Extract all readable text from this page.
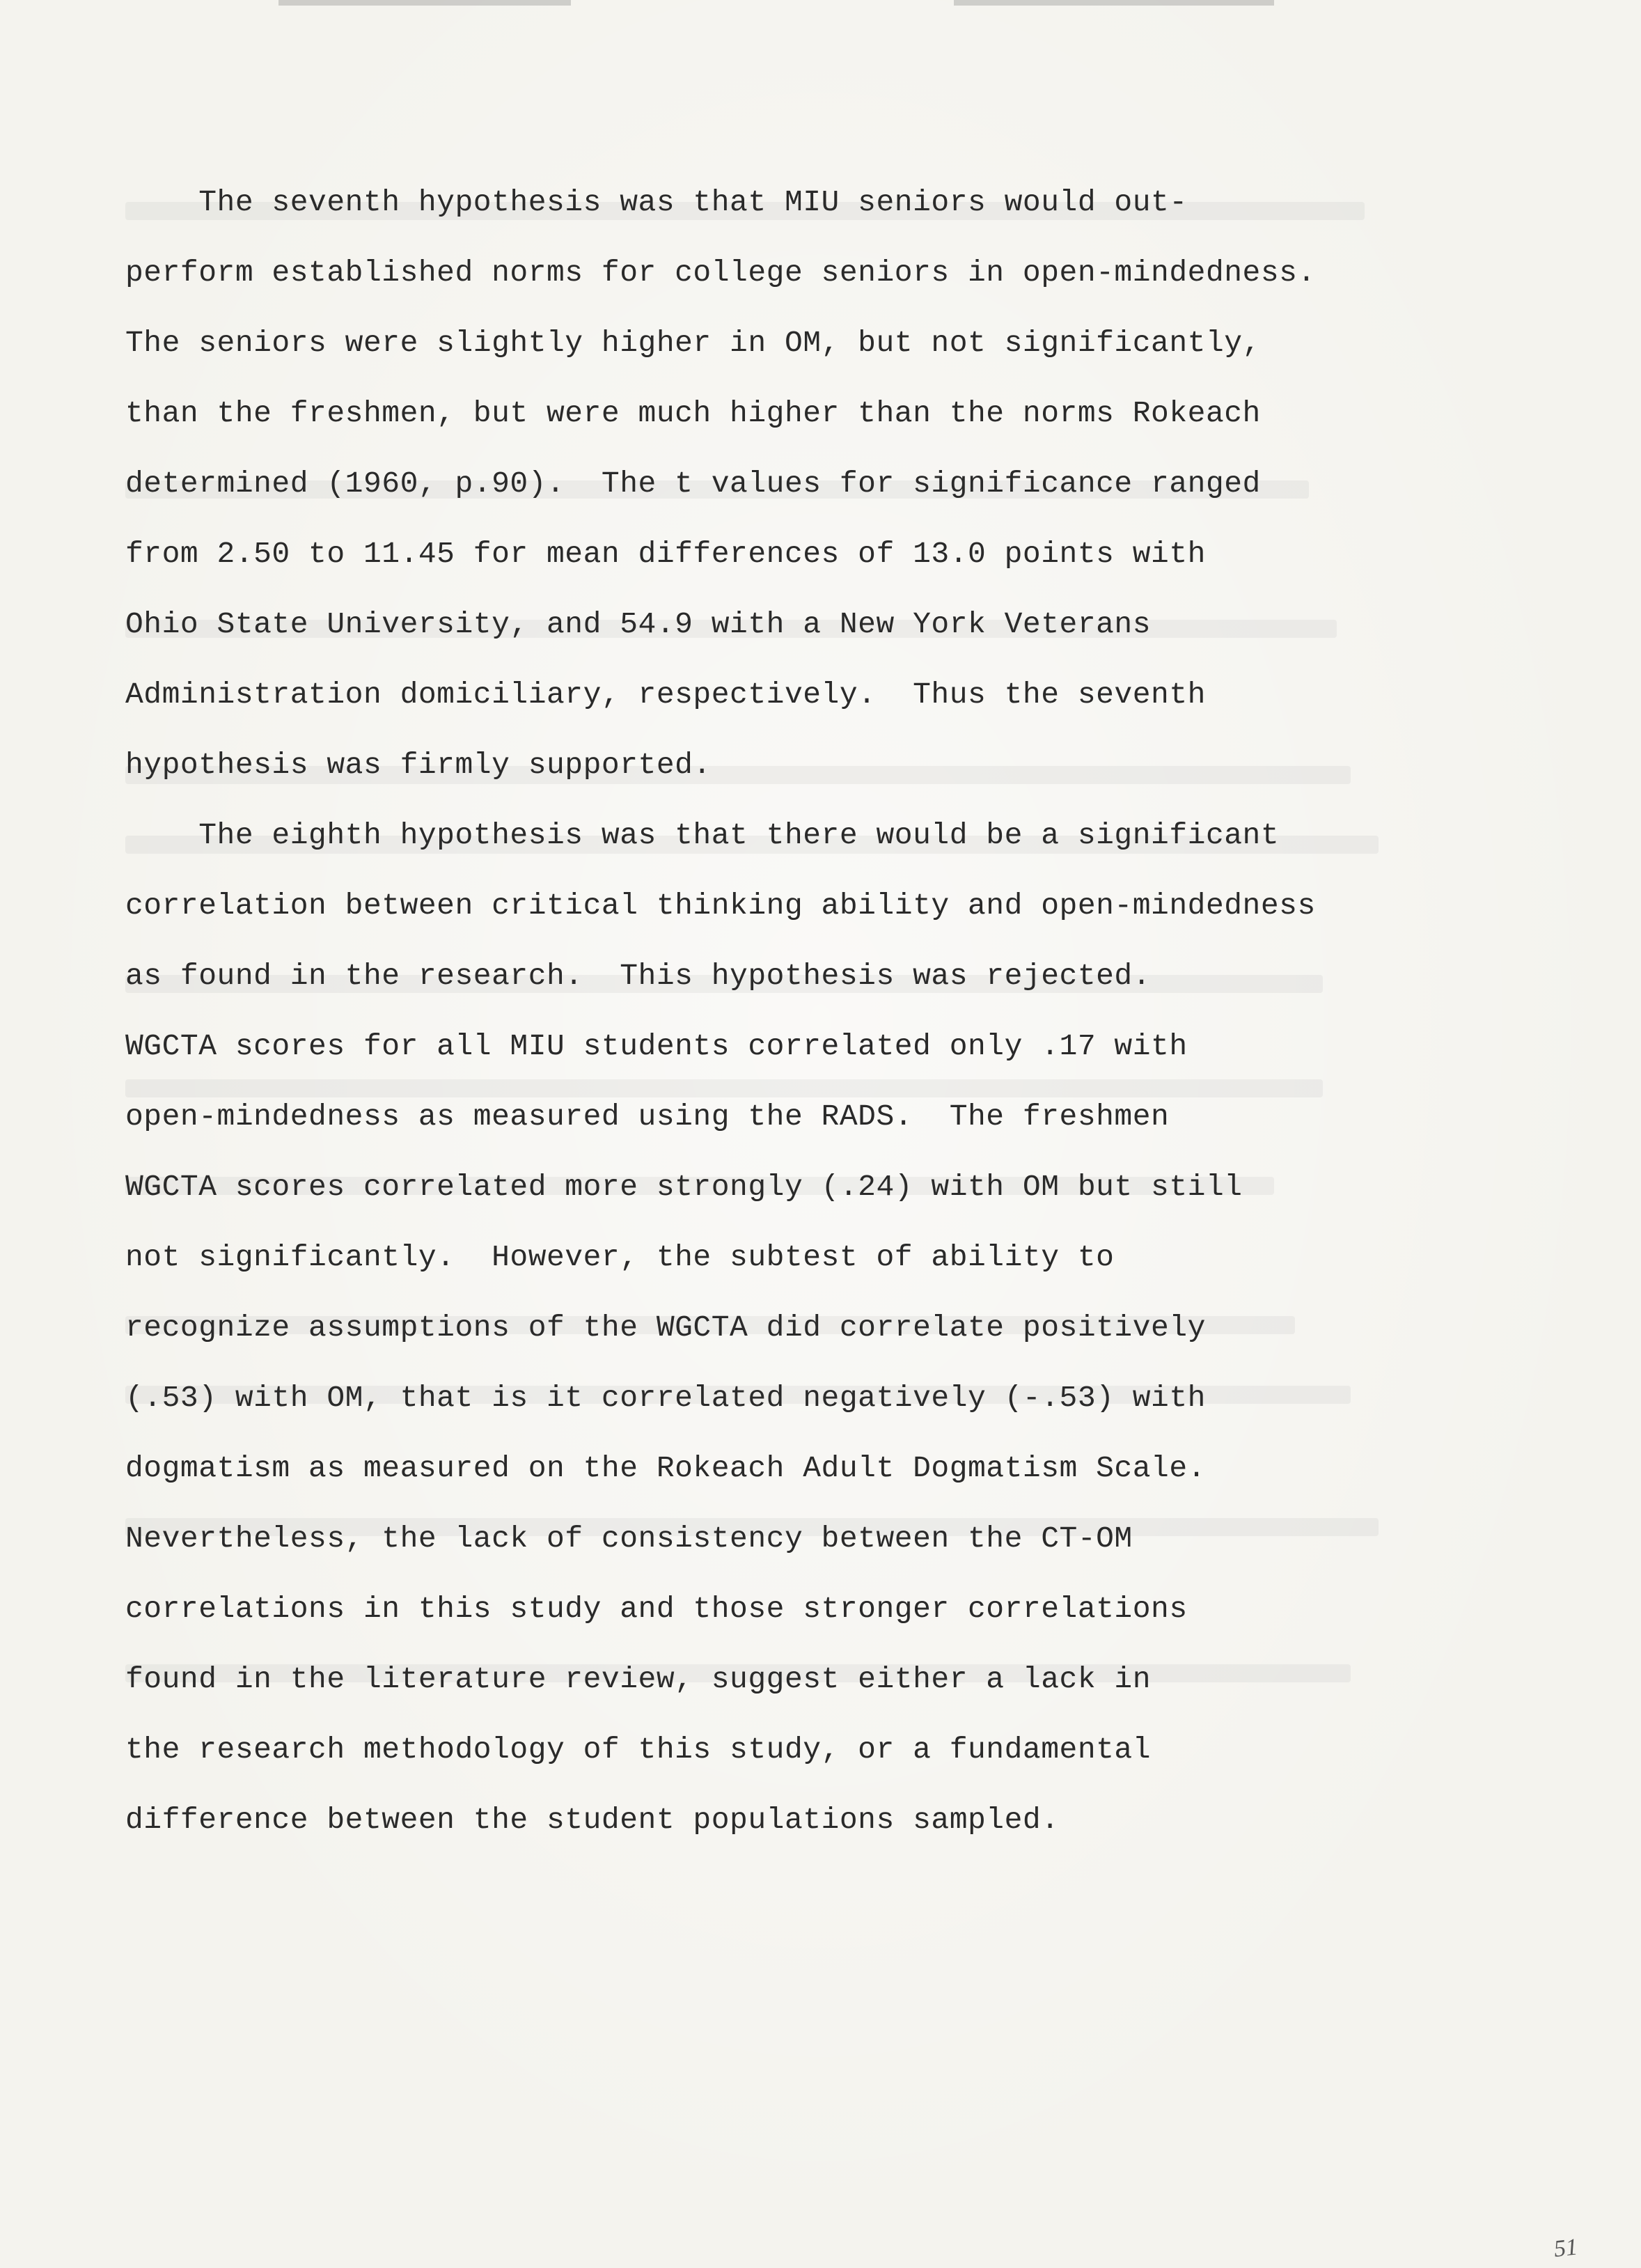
The seventh hypothesis was that MIU seniors would out-
perform established norms for college seniors in open-mindedness.
The seniors were slightly higher in OM, but not significantly,
than the freshmen, but were much higher than the norms Rokeach
determined (1960, p.90).  The t values for significance ranged
from 2.50 to 11.45 for mean differences of 13.0 points with
Ohio State University, and 54.9 with a New York Veterans
Administration domiciliary, respectively.  Thus the seventh
hypothesis was firmly supported.
The eighth hypothesis was that there would be a significant
correlation between critical thinking ability and open-mindedness
as found in the research.  This hypothesis was rejected.
WGCTA scores for all MIU students correlated only .17 with
open-mindedness as measured using the RADS.  The freshmen
WGCTA scores correlated more strongly (.24) with OM but still
not significantly.  However, the subtest of ability to
recognize assumptions of the WGCTA did correlate positively
(.53) with OM, that is it correlated negatively (-.53) with
dogmatism as measured on the Rokeach Adult Dogmatism Scale.
Nevertheless, the lack of consistency between the CT-OM
correlations in this study and those stronger correlations
found in the literature review, suggest either a lack in
the research methodology of this study, or a fundamental
difference between the student populations sampled.
51
